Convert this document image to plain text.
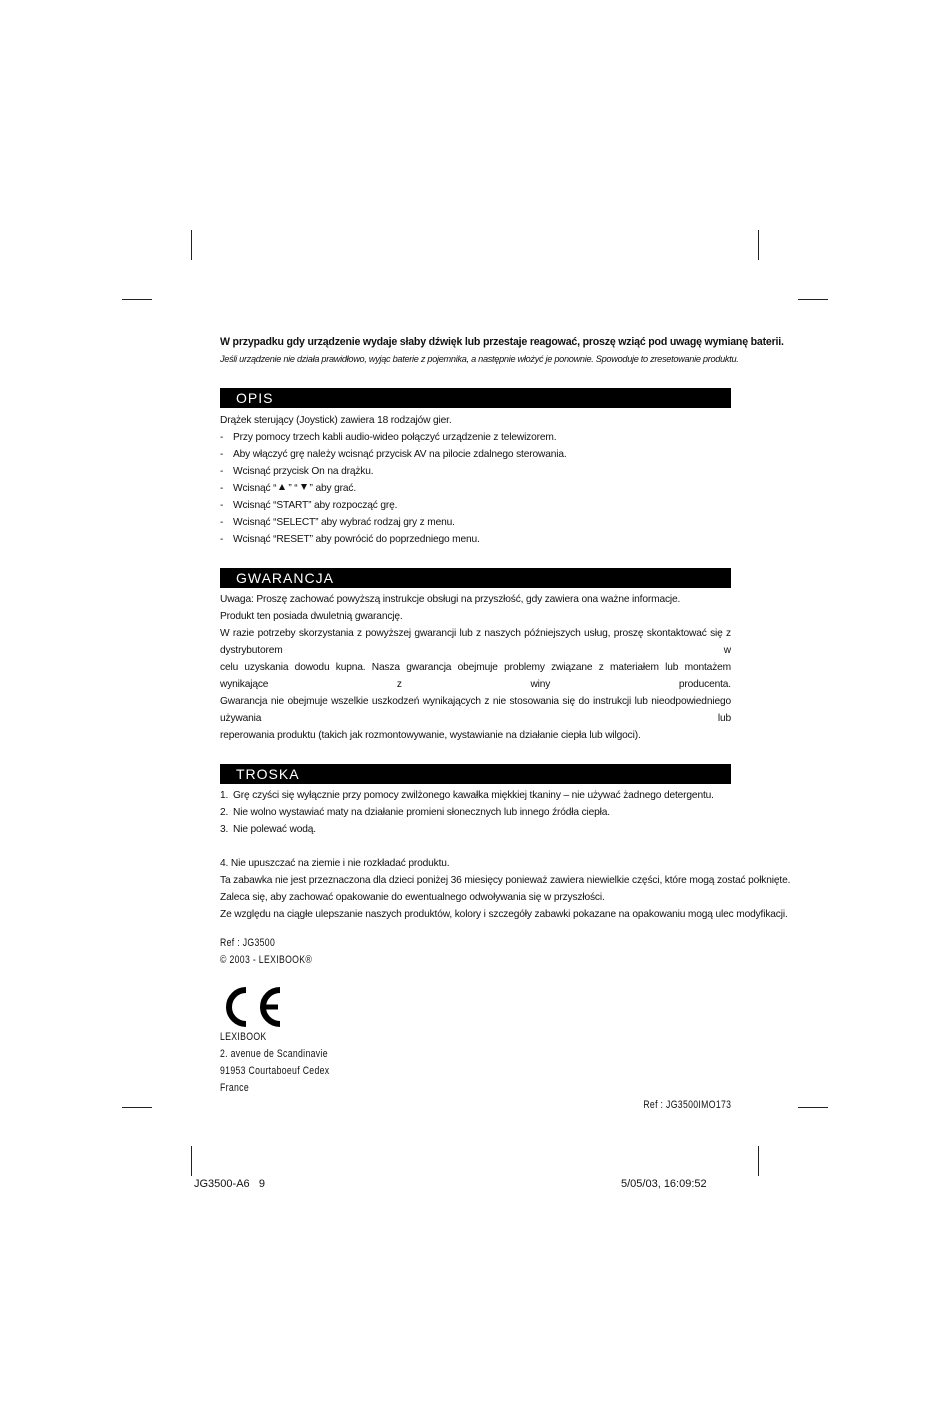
W przypadku gdy urządzenie wydaje słaby dźwięk lub przestaje reagować, proszę wziąć pod uwagę wymianę baterii.
Jeśli urządzenie nie działa prawidłowo, wyjąc baterie z pojemnika, a następnie włożyć je ponownie. Spowoduje to zresetowanie produktu.
OPIS
Drążek sterujący (Joystick) zawiera 18 rodzajów gier.
- Przy pomocy trzech kabli audio-wideo połączyć urządzenie z telewizorem.
- Aby włączyć grę należy wcisnąć przycisk AV na pilocie zdalnego sterowania.
- Wcisnąć przycisk On na drążku.
- Wcisnąć “ ” “ ” aby grać.
- Wcisnąć “START” aby rozpocząć grę.
- Wcisnąć “SELECT” aby wybrać rodzaj gry z menu.
- Wcisnąć “RESET” aby powrócić do poprzedniego menu.
GWARANCJA
Uwaga: Proszę zachować powyższą instrukcje obsługi na przyszłość, gdy zawiera ona ważne informacje.
Produkt ten posiada dwuletnią gwarancję.
W razie potrzeby skorzystania z powyższej gwarancji lub z naszych późniejszych usług, proszę skontaktować się z dystrybutorem w
celu uzyskania dowodu kupna. Nasza gwarancja obejmuje problemy związane z materiałem lub montażem wynikające z winy producenta.
Gwarancja nie obejmuje wszelkie uszkodzeń wynikających z nie stosowania się do instrukcji lub nieodpowiedniego używania lub
reperowania produktu (takich jak rozmontowywanie, wystawianie na działanie ciepła lub wilgoci).
TROSKA
1. Grę czyści się wyłącznie przy pomocy zwilżonego kawałka miękkiej tkaniny – nie używać żadnego detergentu.
2. Nie wolno wystawiać maty na działanie promieni słonecznych lub innego źródła ciepła.
3. Nie polewać wodą.
4. Nie upuszczać na ziemie i nie rozkładać produktu.
Ta zabawka nie jest przeznaczona dla dzieci poniżej 36 miesięcy ponieważ zawiera niewielkie części, które mogą zostać połknięte.
Zaleca się, aby zachować opakowanie do ewentualnego odwoływania się w przyszłości.
Ze względu na ciągłe ulepszanie naszych produktów, kolory i szczegóły zabawki pokazane na opakowaniu mogą ulec modyfikacji.
Ref : JG3500
© 2003 - LEXIBOOK®
LEXIBOOK
2. avenue de Scandinavie
91953 Courtaboeuf Cedex
France
Ref : JG3500IMO173
JG3500-A6   9	5/05/03, 16:09:52
